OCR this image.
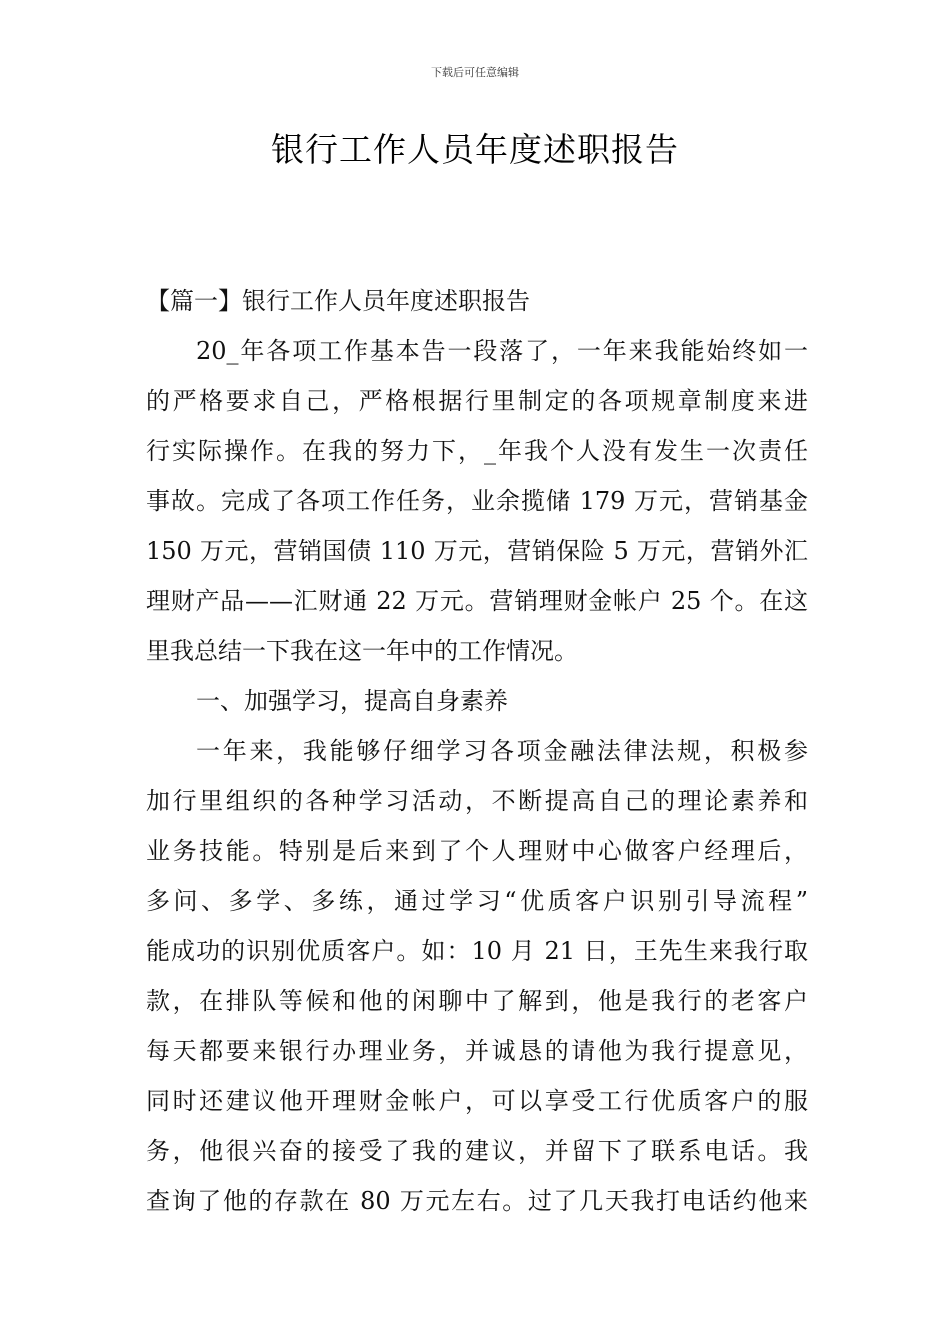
下载后可任意编辑
银行工作人员年度述职报告
【篇一】银行工作人员年度述职报告
20_年各项工作基本告一段落了，一年来我能始终如一
的严格要求自己，严格根据行里制定的各项规章制度来进
行实际操作。在我的努力下，_年我个人没有发生一次责任
事故。完成了各项工作任务，业余揽储 179 万元，营销基金
150 万元，营销国债 110 万元，营销保险 5 万元，营销外汇
理财产品——汇财通 22 万元。营销理财金帐户 25 个。在这
里我总结一下我在这一年中的工作情况。
一、加强学习，提高自身素养
一年来，我能够仔细学习各项金融法律法规，积极参
加行里组织的各种学习活动，不断提高自己的理论素养和
业务技能。特别是后来到了个人理财中心做客户经理后，
多问、多学、多练，通过学习“优质客户识别引导流程”
能成功的识别优质客户。如：10 月 21 日，王先生来我行取
款，在排队等候和他的闲聊中了解到，他是我行的老客户
每天都要来银行办理业务，并诚恳的请他为我行提意见，
同时还建议他开理财金帐户，可以享受工行优质客户的服
务，他很兴奋的接受了我的建议，并留下了联系电话。我
查询了他的存款在 80 万元左右。过了几天我打电话约他来
